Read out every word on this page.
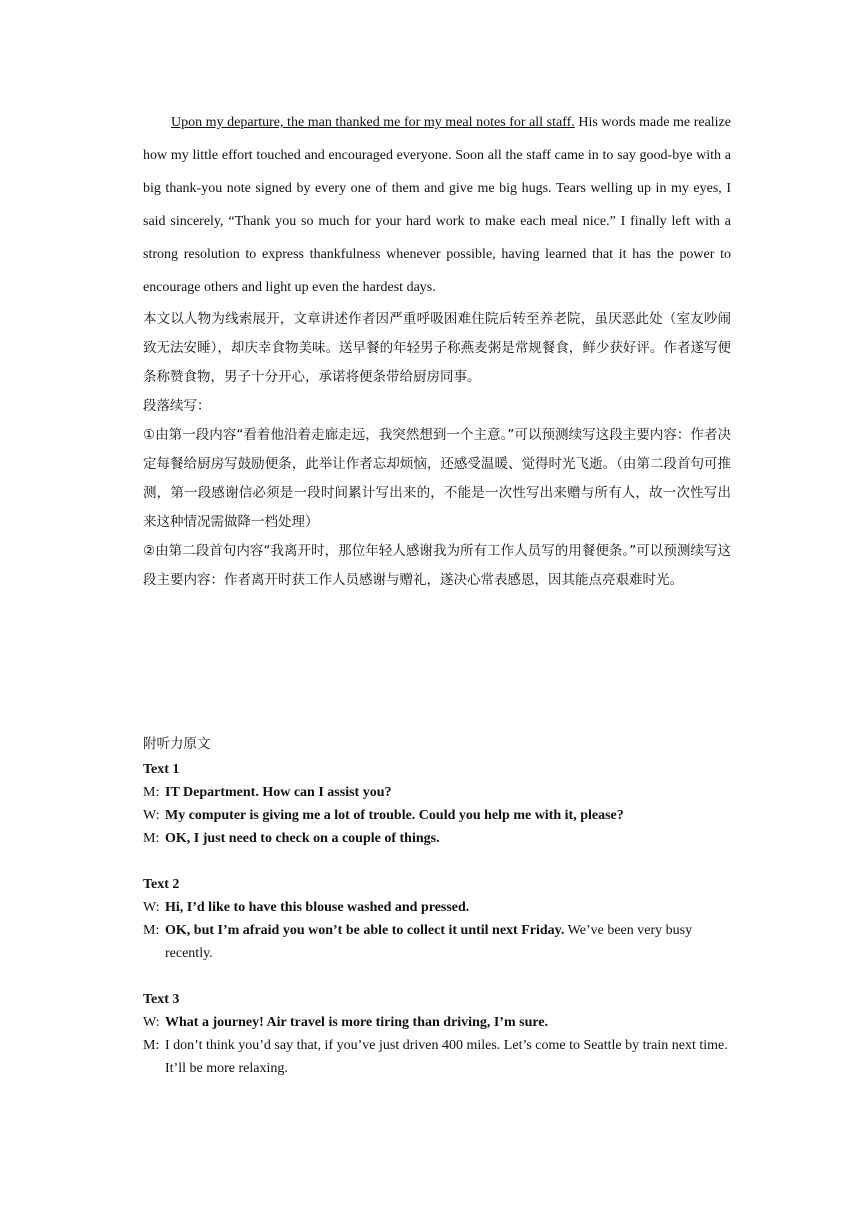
Upon my departure, the man thanked me for my meal notes for all staff. His words made me realize how my little effort touched and encouraged everyone. Soon all the staff came in to say good-bye with a big thank-you note signed by every one of them and give me big hugs. Tears welling up in my eyes, I said sincerely, “Thank you so much for your hard work to make each meal nice.” I finally left with a strong resolution to express thankfulness whenever possible, having learned that it has the power to encourage others and light up even the hardest days.

本文以人物为线索展开，文章讲述作者因严重呼吸困难住院后转至养老院，虽厌恶此处（室友吵闹致无法安睡），却庆幸食物美味。送早餐的年轻男子称燕麦粥是常规餐食，鲜少获好评。作者遂写便条称赞食物，男子十分开心，承诺将便条带给厨房同事。

段落续写：

①由第一段内容“看着他沿着走廊走远，我突然想到一个主意。”可以预测续写这段主要内容：作者决定每餐给厨房写鼓励便条，此举让作者忘却烦恼，还感受温暖、觉得时光飞逝。（由第二段首句可推测，第一段感谢信必须是一段时间累计写出来的，不能是一次性写出来赠与所有人，故一次性写出来这种情况需做降一档处理）

②由第二段首句内容“我离开时，那位年轻人感谢我为所有工作人员写的用餐便条。”可以预测续写这段主要内容：作者离开时获工作人员感谢与赠礼，遂决心常表感恩，因其能点亮艰难时光。

附听力原文
Text 1
M: IT Department. How can I assist you?
W: My computer is giving me a lot of trouble. Could you help me with it, please?
M: OK, I just need to check on a couple of things.
Text 2
W: Hi, I’d like to have this blouse washed and pressed.
M: OK, but I’m afraid you won’t be able to collect it until next Friday. We’ve been very busy recently.
Text 3
W: What a journey! Air travel is more tiring than driving, I’m sure.
M: I don’t think you’d say that, if you’ve just driven 400 miles. Let’s come to Seattle by train next time. It’ll be more relaxing.
